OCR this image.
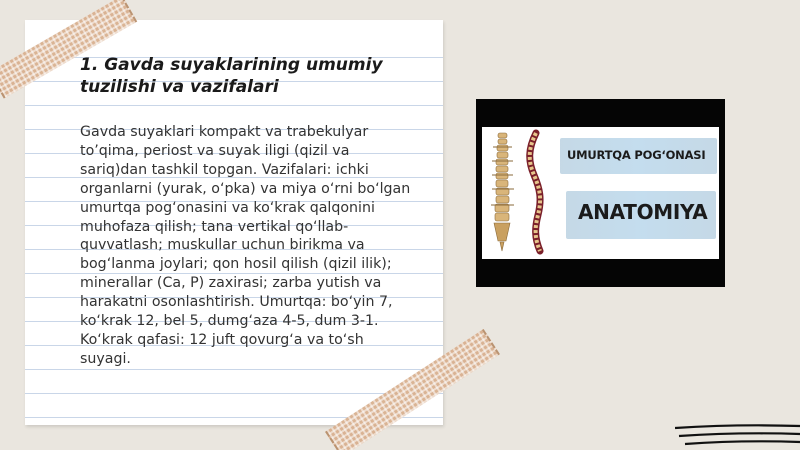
1. Gavda suyaklarining umumiy tuzilishi va vazifalari

Gavda suyaklari kompakt va trabekulyar to’qima, periost va suyak iligi (qizil va sariq)dan tashkil topgan. Vazifalari: ichki organlarni (yurak, o‘pka) va miya o‘rni bo‘lgan umurtqa pog‘onasini va ko‘krak qalqonini muhofaza qilish; tana vertikal qo‘llab-quvvatlash; muskullar uchun birikma va bog‘lanma joylari; qon hosil qilish (qizil ilik); minerallar (Ca, P) zaxirasi; zarba yutish va harakatni osonlashtirish. Umurtqa: bo‘yin 7, ko‘krak 12, bel 5, dumg‘aza 4-5, dum 3-1. Ko‘krak qafasi: 12 juft qovurg‘a va to‘sh suyagi.

UMURTQA POG‘ONASI
ANATOMIYA
